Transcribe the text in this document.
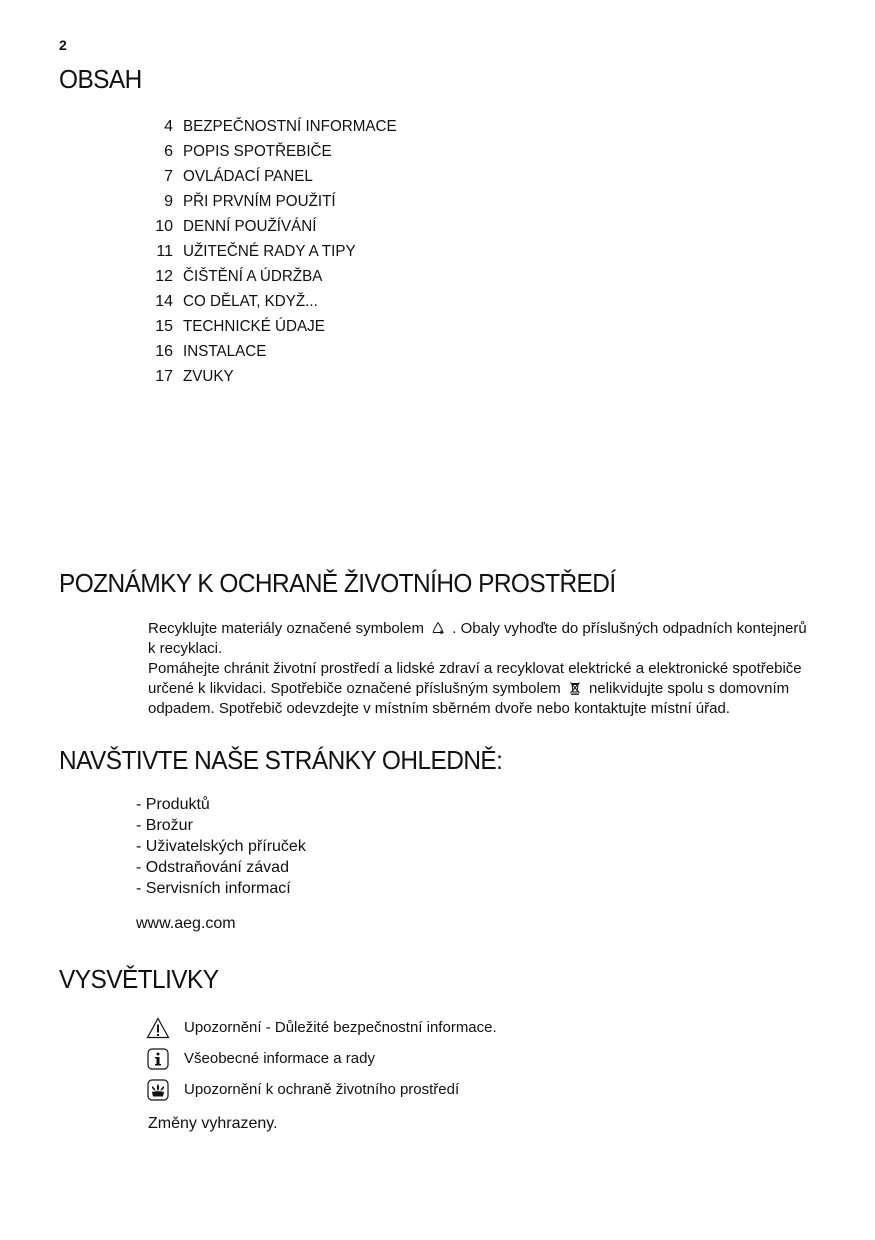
2
OBSAH
4 BEZPEČNOSTNÍ INFORMACE
6 POPIS SPOTŘEBIČE
7 OVLÁDACÍ PANEL
9 PŘI PRVNÍM POUŽITÍ
10 DENNÍ POUŽÍVÁNÍ
11 UŽITEČNÉ RADY A TIPY
12 ČIŠTĚNÍ A ÚDRŽBA
14 CO DĚLAT, KDYŽ...
15 TECHNICKÉ ÚDAJE
16 INSTALACE
17 ZVUKY
POZNÁMKY K OCHRANĚ ŽIVOTNÍHO PROSTŘEDÍ
Recyklujte materiály označené symbolem . Obaly vyhoďte do příslušných odpadních kontejnerů k recyklaci.
Pomáhejte chránit životní prostředí a lidské zdraví a recyklovat elektrické a elektronické spotřebiče určené k likvidaci. Spotřebiče označené příslušným symbolem nelikvidujte spolu s domovním odpadem. Spotřebič odevzdejte v místním sběrném dvoře nebo kontaktujte místní úřad.
NAVŠTIVTE NAŠE STRÁNKY OHLEDNĚ:
- Produktů
- Brožur
- Uživatelských příruček
- Odstraňování závad
- Servisních informací
www.aeg.com
VYSVĚTLIVKY
Upozornění - Důležité bezpečnostní informace.
Všeobecné informace a rady
Upozornění k ochraně životního prostředí
Změny vyhrazeny.
